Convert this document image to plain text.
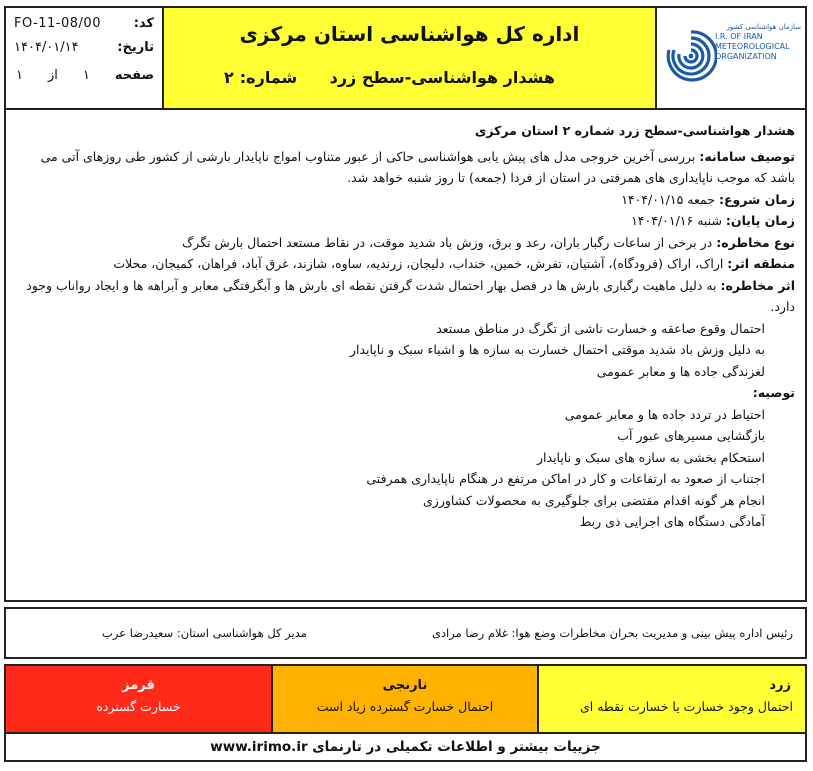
کد:
FO-11-08/00
تاریخ:
۱۴۰۴/۰۱/۱۴
صفحه
۱
از
۱
اداره کل هواشناسی استان مرکزی
هشدار هواشناسی-سطح زرد
شماره:
۲
سازمان هواشناسی کشور
I.R. OF IRAN
METEOROLOGICAL
ORGANIZATION

هشدار هواشناسی-سطح زرد شماره ۲ استان مرکزی

توصیف سامانه: بررسی آخرین خروجی مدل های پیش یابی هواشناسی حاکی از عبور متناوب امواج ناپایدار بارشی از کشور طی روزهای آتی می باشد که موجب ناپایداری های همرفتی در استان از فردا (جمعه) تا روز شنبه خواهد شد.

زمان شروع: جمعه ۱۴۰۴/۰۱/۱۵

زمان پایان: شنبه ۱۴۰۴/۰۱/۱۶

نوع مخاطره: در برخی از ساعات رگبار باران، رعد و برق، وزش باد شدید موقت، در نقاط مستعد احتمال بارش تگرگ

منطقه اثر: اراک، اراک (فرودگاه)، آشتیان، تفرش، خمین، خنداب، دلیجان، زرندیه، ساوه، شازند، غرق آباد، فراهان، کمیجان، محلات

اثر مخاطره: به دلیل ماهیت رگباری بارش ها در فصل بهار احتمال شدت گرفتن نقطه ای بارش ها و آبگرفتگی معابر و آبراهه ها و ایجاد رواناب وجود دارد.

احتمال وقوع صاعقه و خسارت ناشی از تگرگ در مناطق مستعد

به دلیل وزش باد شدید موقتی احتمال خسارت به سازه ها و اشیاء سبک و ناپایدار

لغزندگی جاده ها و معابر عمومی

توصیه:

احتیاط در تردد جاده ها و معابر عمومی

بازگشایی مسیرهای عبور آب

استحکام بخشی به سازه های سبک و ناپایدار

اجتناب از صعود به ارتفاعات و کار در اماکن مرتفع در هنگام ناپایداری همرفتی

انجام هر گونه اقدام مقتضی برای جلوگیری به محصولات کشاورزی

آمادگی دستگاه های اجرایی ذی ربط

رئیس اداره پیش بینی و مدیریت بحران مخاطرات وضع هوا: غلام رضا مرادی
مدیر کل هواشناسی استان: سعیدرضا عرب
زرد
احتمال وجود خسارت یا خسارت نقطه ای
نارنجی
احتمال خسارت گسترده زیاد است
قرمز
خسارت گسترده
جزییات بیشتر و اطلاعات تکمیلی در تارنمای www.irimo.ir
